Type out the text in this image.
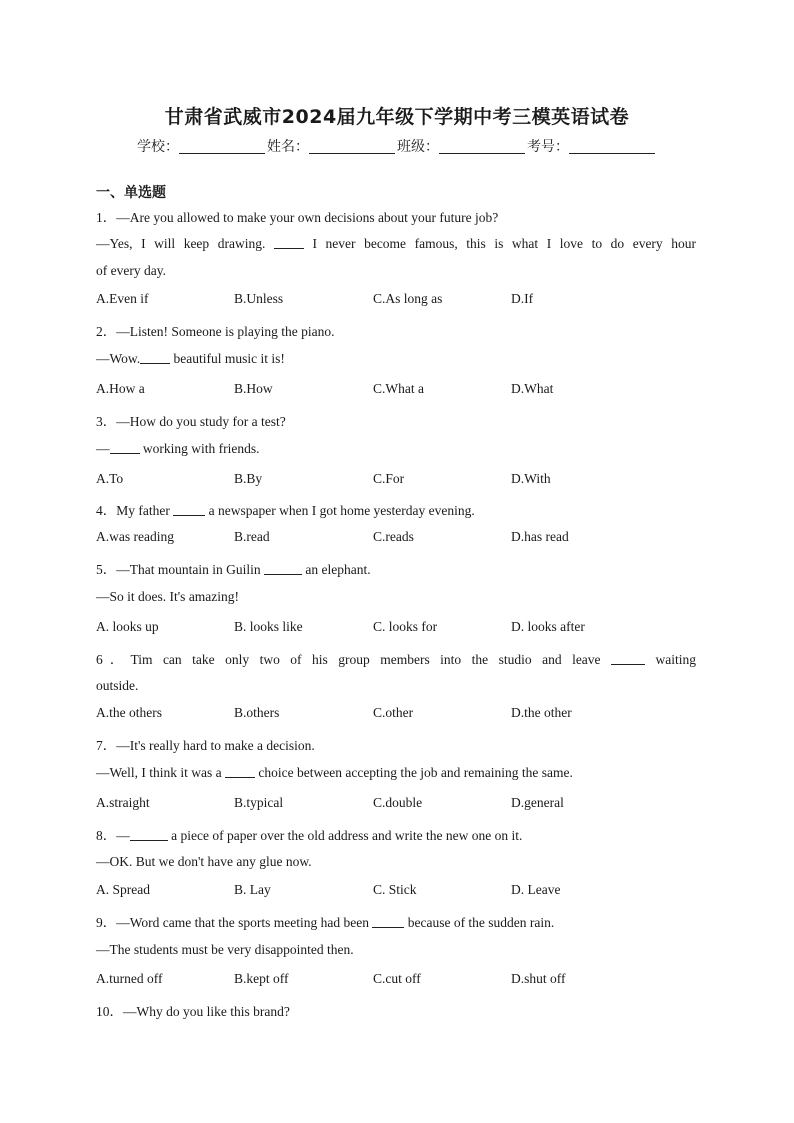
甘肃省武威市2024届九年级下学期中考三模英语试卷
学校：	姓名：	班级：	考号：
一、单选题
1．—Are you allowed to make your own decisions about your future job?
—Yes, I will keep drawing.  I never become famous, this is what I love to do every hour
of every day.
A.Even if	B.Unless	C.As long as	D.If
2．—Listen! Someone is playing the piano.
—Wow. beautiful music it is!
A.How a	B.How	C.What a	D.What
3．—How do you study for a test?
— working with friends.
A.To	B.By	C.For	D.With
4．My father  a newspaper when I got home yesterday evening.
A.was reading	B.read	C.reads	D.has read
5．—That mountain in Guilin	an elephant.
—So it does. It's amazing!
A. looks up	B. looks like	C. looks for	D. looks after
6．Tim can take only two of his group members into the studio and leave	waiting
outside.
A.the others	B.others	C.other	D.the other
7．—It's really hard to make a decision.
—Well, I think it was a  choice between accepting the job and remaining the same.
A.straight	B.typical	C.double	D.general
8．—	a piece of paper over the old address and write the new one on it.
—OK. But we don't have any glue now.
A. Spread	B. Lay	C. Stick	D. Leave
9．—Word came that the sports meeting had been  because of the sudden rain.
—The students must be very disappointed then.
A.turned off	B.kept off	C.cut off	D.shut off
10．—Why do you like this brand?
